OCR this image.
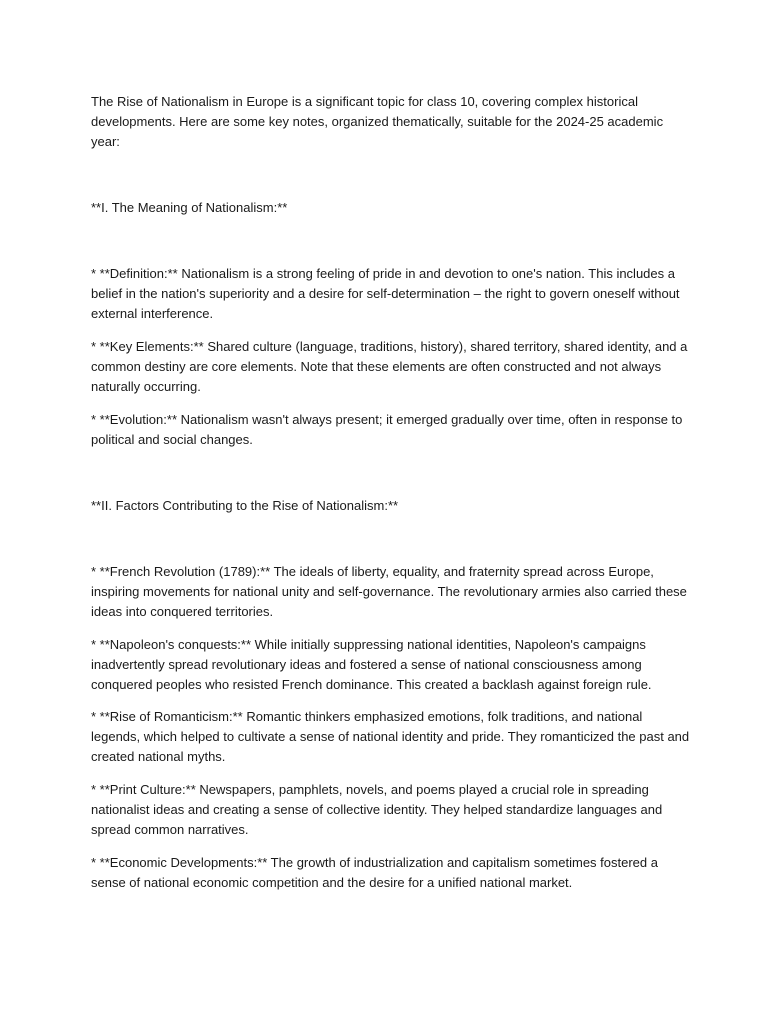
The Rise of Nationalism in Europe is a significant topic for class 10, covering complex historical developments. Here are some key notes, organized thematically, suitable for the 2024-25 academic year:

**I. The Meaning of Nationalism:**

* **Definition:** Nationalism is a strong feeling of pride in and devotion to one's nation. This includes a belief in the nation's superiority and a desire for self-determination – the right to govern oneself without external interference.

* **Key Elements:** Shared culture (language, traditions, history), shared territory, shared identity, and a common destiny are core elements. Note that these elements are often constructed and not always naturally occurring.

* **Evolution:** Nationalism wasn't always present; it emerged gradually over time, often in response to political and social changes.

**II. Factors Contributing to the Rise of Nationalism:**

* **French Revolution (1789):** The ideals of liberty, equality, and fraternity spread across Europe, inspiring movements for national unity and self-governance. The revolutionary armies also carried these ideas into conquered territories.

* **Napoleon's conquests:** While initially suppressing national identities, Napoleon's campaigns inadvertently spread revolutionary ideas and fostered a sense of national consciousness among conquered peoples who resisted French dominance. This created a backlash against foreign rule.

* **Rise of Romanticism:** Romantic thinkers emphasized emotions, folk traditions, and national legends, which helped to cultivate a sense of national identity and pride. They romanticized the past and created national myths.

* **Print Culture:** Newspapers, pamphlets, novels, and poems played a crucial role in spreading nationalist ideas and creating a sense of collective identity. They helped standardize languages and spread common narratives.

* **Economic Developments:** The growth of industrialization and capitalism sometimes fostered a sense of national economic competition and the desire for a unified national market.
